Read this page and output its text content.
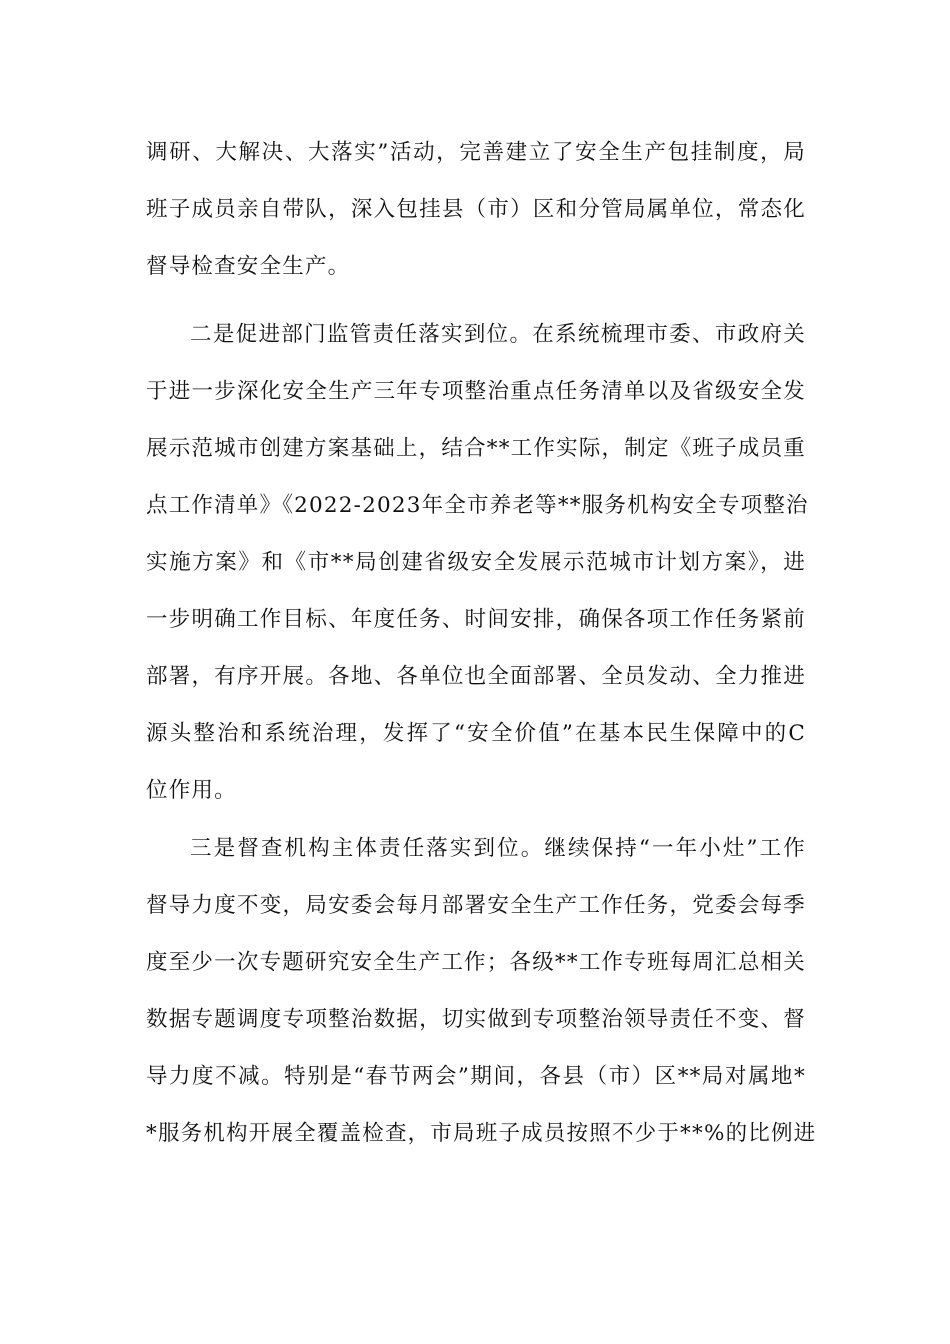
调研、大解决、大落实”活动，完善建立了安全生产包挂制度，局
班子成员亲自带队，深入包挂县（市）区和分管局属单位，常态化
督导检查安全生产。
二是促进部门监管责任落实到位。在系统梳理市委、市政府关
于进一步深化安全生产三年专项整治重点任务清单以及省级安全发
展示范城市创建方案基础上，结合**工作实际，制定《班子成员重
点工作清单》《2022-2023年全市养老等**服务机构安全专项整治
实施方案》和《市**局创建省级安全发展示范城市计划方案》，进
一步明确工作目标、年度任务、时间安排，确保各项工作任务紧前
部署，有序开展。各地、各单位也全面部署、全员发动、全力推进
源头整治和系统治理，发挥了“安全价值”在基本民生保障中的C
位作用。
三是督查机构主体责任落实到位。继续保持“一年小灶”工作
督导力度不变，局安委会每月部署安全生产工作任务，党委会每季
度至少一次专题研究安全生产工作；各级**工作专班每周汇总相关
数据专题调度专项整治数据，切实做到专项整治领导责任不变、督
导力度不减。特别是“春节两会”期间，各县（市）区**局对属地*
*服务机构开展全覆盖检查，市局班子成员按照不少于**%的比例进
